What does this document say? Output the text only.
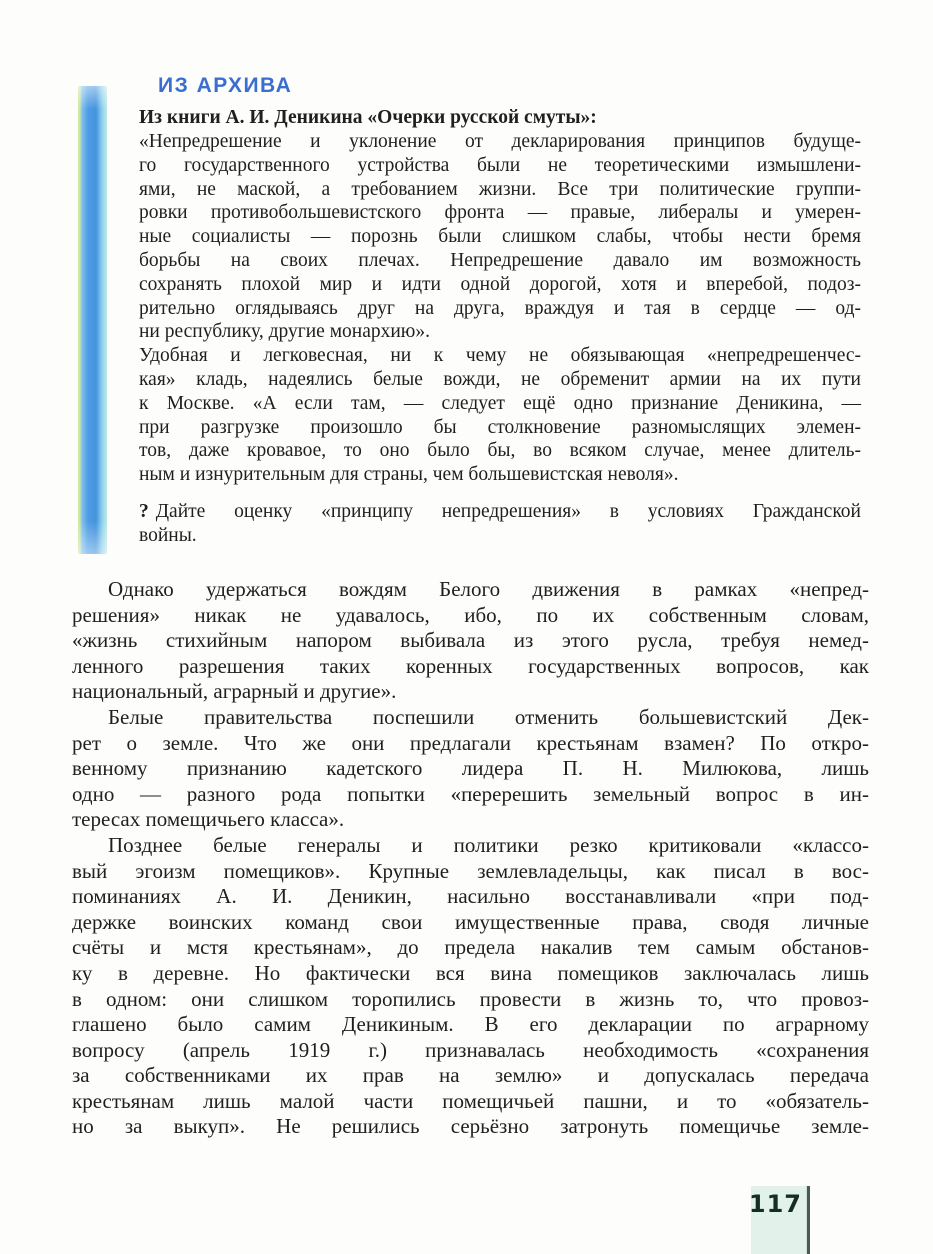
ИЗ АРХИВА
Из книги А. И. Деникина «Очерки русской смуты»:
«Непредрешение и уклонение от декларирования принципов будуще-
го государственного устройства были не теоретическими измышлени-
ями, не маской, а требованием жизни. Все три политические группи-
ровки противобольшевистского фронта — правые, либералы и умерен-
ные социалисты — порознь были слишком слабы, чтобы нести бремя
борьбы на своих плечах. Непредрешение давало им возможность
сохранять плохой мир и идти одной дорогой, хотя и вперебой, подоз-
рительно оглядываясь друг на друга, враждуя и тая в сердце — од-
ни республику, другие монархию».
Удобная и легковесная, ни к чему не обязывающая «непредрешенчес-
кая» кладь, надеялись белые вожди, не обременит армии на их пути
к Москве. «А если там, — следует ещё одно признание Деникина, —
при разгрузке произошло бы столкновение разномыслящих элемен-
тов, даже кровавое, то оно было бы, во всяком случае, менее длитель-
ным и изнурительным для страны, чем большевистская неволя».
? Дайте оценку «принципу непредрешения» в условиях Гражданской
войны.
Однако удержаться вождям Белого движения в рамках «непред-
решения» никак не удавалось, ибо, по их собственным словам,
«жизнь стихийным напором выбивала из этого русла, требуя немед-
ленного разрешения таких коренных государственных вопросов, как
национальный, аграрный и другие».
Белые правительства поспешили отменить большевистский Дек-
рет о земле. Что же они предлагали крестьянам взамен? По откро-
венному признанию кадетского лидера П. Н. Милюкова, лишь
одно — разного рода попытки «перерешить земельный вопрос в ин-
тересах помещичьего класса».
Позднее белые генералы и политики резко критиковали «классо-
вый эгоизм помещиков». Крупные землевладельцы, как писал в вос-
поминаниях А. И. Деникин, насильно восстанавливали «при под-
держке воинских команд свои имущественные права, сводя личные
счёты и мстя крестьянам», до предела накалив тем самым обстанов-
ку в деревне. Но фактически вся вина помещиков заключалась лишь
в одном: они слишком торопились провести в жизнь то, что провоз-
глашено было самим Деникиным. В его декларации по аграрному
вопросу (апрель 1919 г.) признавалась необходимость «сохранения
за собственниками их прав на землю» и допускалась передача
крестьянам лишь малой части помещичьей пашни, и то «обязатель-
но за выкуп». Не решились серьёзно затронуть помещичье земле-
117
